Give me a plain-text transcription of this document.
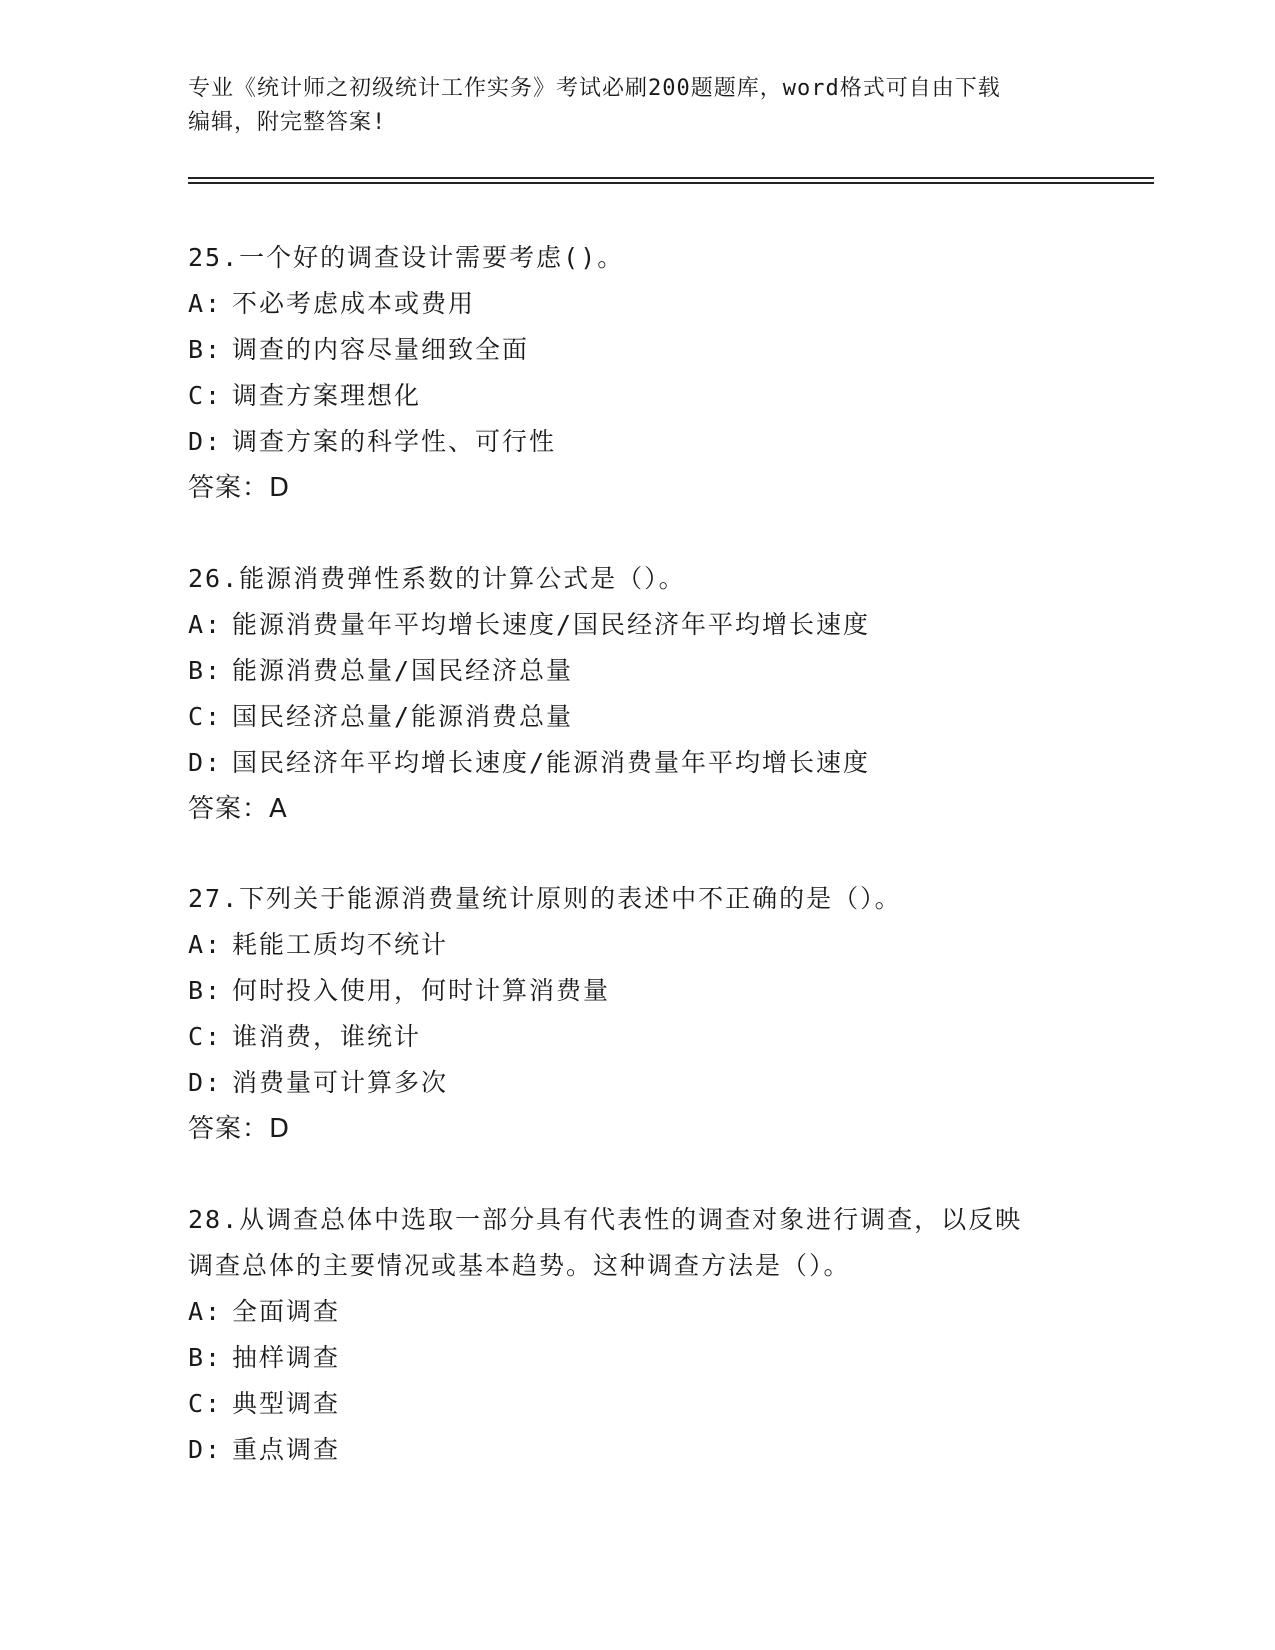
专业《统计师之初级统计工作实务》考试必刷200题题库，word格式可自由下载
编辑，附完整答案!

25.一个好的调查设计需要考虑()。

A: 不必考虑成本或费用

B: 调查的内容尽量细致全面

C: 调查方案理想化

D: 调查方案的科学性、可行性

答案：D

26.能源消费弹性系数的计算公式是（）。

A: 能源消费量年平均增长速度/国民经济年平均增长速度

B: 能源消费总量/国民经济总量

C: 国民经济总量/能源消费总量

D: 国民经济年平均增长速度/能源消费量年平均增长速度

答案：A

27.下列关于能源消费量统计原则的表述中不正确的是（）。

A: 耗能工质均不统计

B: 何时投入使用，何时计算消费量

C: 谁消费，谁统计

D: 消费量可计算多次

答案：D

28.从调查总体中选取一部分具有代表性的调查对象进行调查，以反映

调查总体的主要情况或基本趋势。这种调查方法是（）。

A: 全面调查

B: 抽样调查

C: 典型调查

D: 重点调查
